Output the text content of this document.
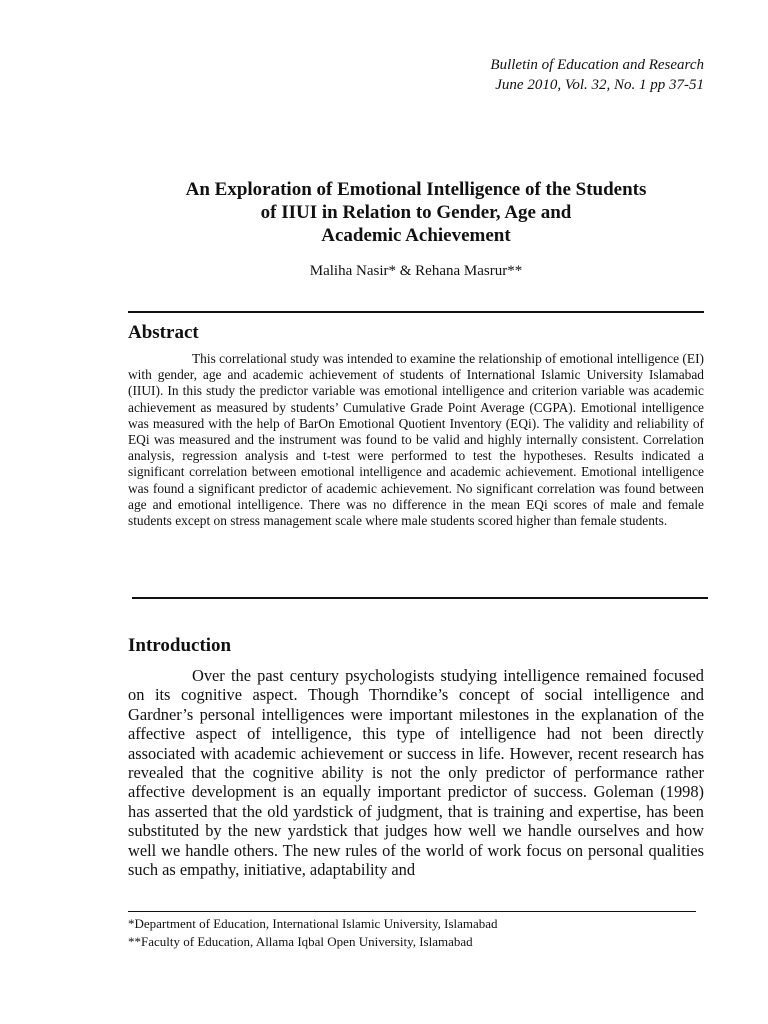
Bulletin of Education and Research
June 2010, Vol. 32, No. 1 pp 37-51
An Exploration of Emotional Intelligence of the Students
of IIUI in Relation to Gender, Age and
Academic Achievement
Maliha Nasir* & Rehana Masrur**
Abstract

This correlational study was intended to examine the relationship of emotional intelligence (EI) with gender, age and academic achievement of students of International Islamic University Islamabad (IIUI). In this study the predictor variable was emotional intelligence and criterion variable was academic achievement as measured by students’ Cumulative Grade Point Average (CGPA). Emotional intelligence was measured with the help of BarOn Emotional Quotient Inventory (EQi). The validity and reliability of EQi was measured and the instrument was found to be valid and highly internally consistent. Correlation analysis, regression analysis and t-test were performed to test the hypotheses. Results indicated a significant correlation between emotional intelligence and academic achievement. Emotional intelligence was found a significant predictor of academic achievement. No significant correlation was found between age and emotional intelligence. There was no difference in the mean EQi scores of male and female students except on stress management scale where male students scored higher than female students.

Introduction

Over the past century psychologists studying intelligence remained focused on its cognitive aspect. Though Thorndike’s concept of social intelligence and Gardner’s personal intelligences were important milestones in the explanation of the affective aspect of intelligence, this type of intelligence had not been directly associated with academic achievement or success in life. However, recent research has revealed that the cognitive ability is not the only predictor of performance rather affective development is an equally important predictor of success. Goleman (1998) has asserted that the old yardstick of judgment, that is training and expertise, has been substituted by the new yardstick that judges how well we handle ourselves and how well we handle others. The new rules of the world of work focus on personal qualities such as empathy, initiative, adaptability and

*Department of Education, International Islamic University, Islamabad
**Faculty of Education, Allama Iqbal Open University, Islamabad
